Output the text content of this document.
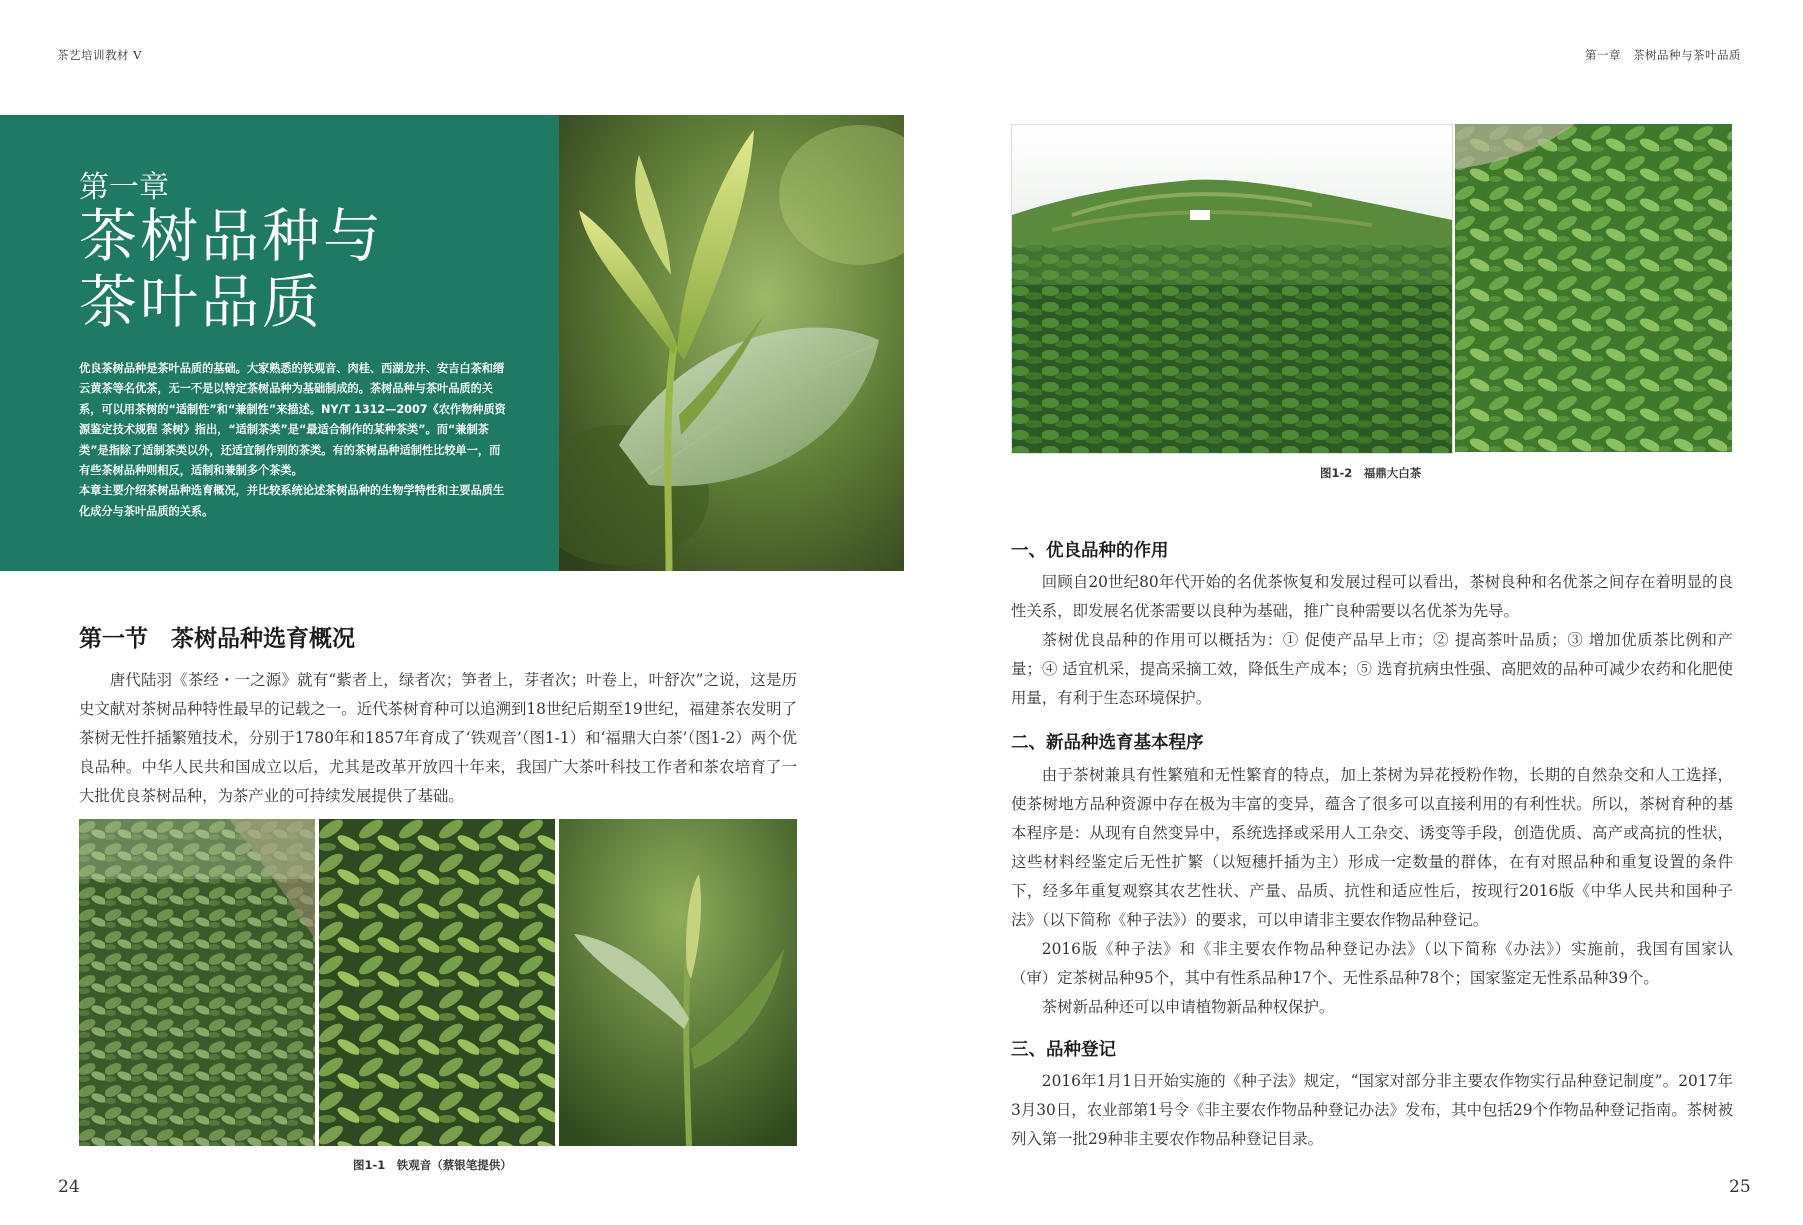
茶艺培训教材 V
第一章
茶树品种与
茶叶品质

优良茶树品种是茶叶品质的基础。大家熟悉的铁观音、肉桂、西湖龙井、安吉白茶和缙云黄茶等名优茶，无一不是以特定茶树品种为基础制成的。茶树品种与茶叶品质的关系，可以用茶树的“适制性”和“兼制性”来描述。NY/T 1312—2007《农作物种质资源鉴定技术规程 茶树》指出，“适制茶类”是“最适合制作的某种茶类”。而“兼制茶类”是指除了适制茶类以外，还适宜制作别的茶类。有的茶树品种适制性比较单一，而有些茶树品种则相反，适制和兼制多个茶类。

本章主要介绍茶树品种选育概况，并比较系统论述茶树品种的生物学特性和主要品质生化成分与茶叶品质的关系。

第一节　茶树品种选育概况

唐代陆羽《茶经・一之源》就有“紫者上，绿者次；笋者上，芽者次；叶卷上，叶舒次”之说，这是历史文献对茶树品种特性最早的记载之一。近代茶树育种可以追溯到18世纪后期至19世纪，福建茶农发明了茶树无性扦插繁殖技术，分别于1780年和1857年育成了‘铁观音’（图1-1）和‘福鼎大白茶’（图1-2）两个优良品种。中华人民共和国成立以后，尤其是改革开放四十年来，我国广大茶叶科技工作者和茶农培育了一大批优良茶树品种，为茶产业的可持续发展提供了基础。

图1-1　铁观音（蔡银笔提供）
24
第一章　茶树品种与茶叶品质
图1-2　福鼎大白茶
一、优良品种的作用

回顾自20世纪80年代开始的名优茶恢复和发展过程可以看出，茶树良种和名优茶之间存在着明显的良性关系，即发展名优茶需要以良种为基础，推广良种需要以名优茶为先导。

茶树优良品种的作用可以概括为：① 促使产品早上市；② 提高茶叶品质；③ 增加优质茶比例和产量；④ 适宜机采，提高采摘工效，降低生产成本；⑤ 选育抗病虫性强、高肥效的品种可减少农药和化肥使用量，有利于生态环境保护。

二、新品种选育基本程序

由于茶树兼具有性繁殖和无性繁育的特点，加上茶树为异花授粉作物，长期的自然杂交和人工选择，使茶树地方品种资源中存在极为丰富的变异，蕴含了很多可以直接利用的有利性状。所以，茶树育种的基本程序是：从现有自然变异中，系统选择或采用人工杂交、诱变等手段，创造优质、高产或高抗的性状，这些材料经鉴定后无性扩繁（以短穗扦插为主）形成一定数量的群体，在有对照品种和重复设置的条件下，经多年重复观察其农艺性状、产量、品质、抗性和适应性后，按现行2016版《中华人民共和国种子法》（以下简称《种子法》）的要求，可以申请非主要农作物品种登记。

2016版《种子法》和《非主要农作物品种登记办法》（以下简称《办法》）实施前，我国有国家认（审）定茶树品种95个，其中有性系品种17个、无性系品种78个；国家鉴定无性系品种39个。

茶树新品种还可以申请植物新品种权保护。

三、品种登记

2016年1月1日开始实施的《种子法》规定，“国家对部分非主要农作物实行品种登记制度”。2017年3月30日，农业部第1号令《非主要农作物品种登记办法》发布，其中包括29个作物品种登记指南。茶树被列入第一批29种非主要农作物品种登记目录。

25
